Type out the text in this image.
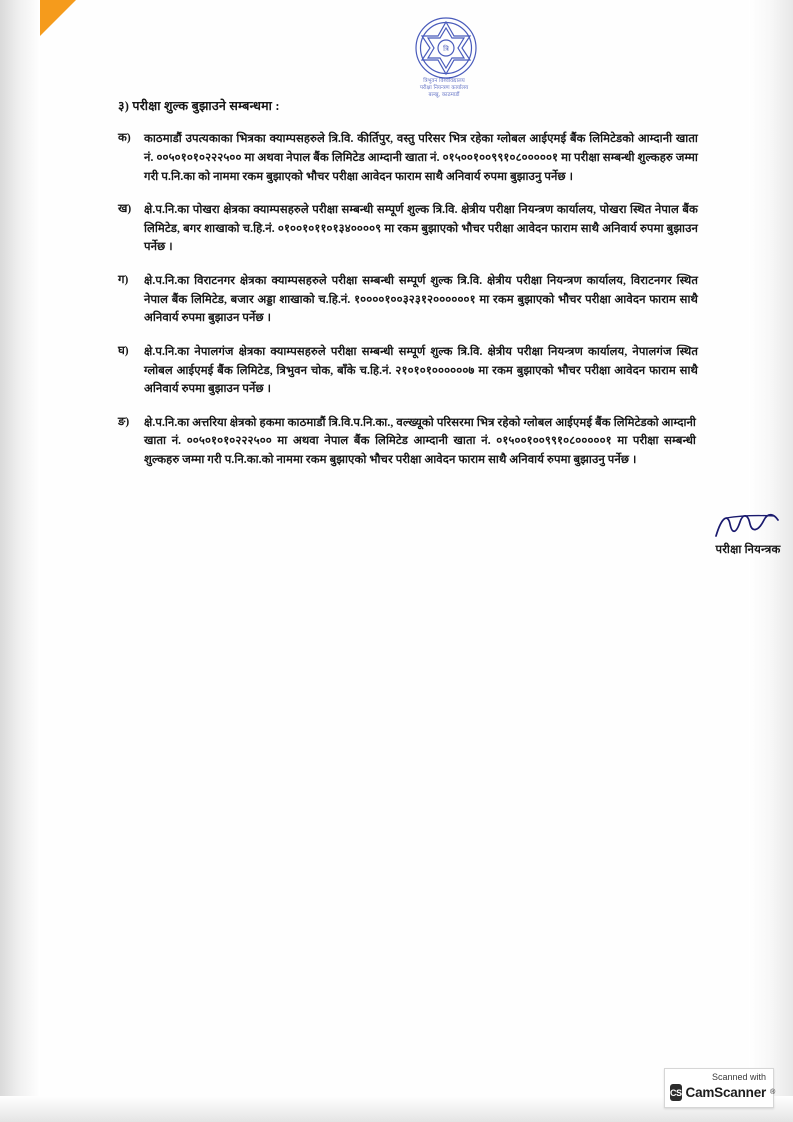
त्रि
त्रिभुवन विश्वविद्यालय
परीक्षा नियन्त्रण कार्यालय
बल्खु, काठमाडौं

३) परीक्षा शुल्क बुझाउने सम्बन्धमा :

क)	काठमाडौं उपत्यकाका भित्रका क्याम्पसहरुले त्रि.वि. कीर्तिपुर, वस्तु परिसर भित्र रहेका ग्लोबल आईएमई बैंक लिमिटेडको आम्दानी खाता नं. ००५०१०१०२२२५०० मा अथवा नेपाल बैंक लिमिटेड आम्दानी खाता नं. ०१५००१००९९१०८०००००१ मा परीक्षा सम्बन्धी शुल्कहरु जम्मा गरी प.नि.का को नाममा रकम बुझाएको भौचर परीक्षा आवेदन फाराम साथै अनिवार्य रुपमा बुझाउनु पर्नेछ ।
ख)	क्षे.प.नि.का पोखरा क्षेत्रका क्याम्पसहरुले परीक्षा सम्बन्धी सम्पूर्ण शुल्क त्रि.वि. क्षेत्रीय परीक्षा नियन्त्रण कार्यालय, पोखरा स्थित नेपाल बैंक लिमिटेड, बगर शाखाको च.हि.नं. ०१००१०११०१३४००००९ मा रकम बुझाएको भौचर परीक्षा आवेदन फाराम साथै अनिवार्य रुपमा बुझाउन पर्नेछ ।
ग)	क्षे.प.नि.का विराटनगर क्षेत्रका क्याम्पसहरुले परीक्षा सम्बन्धी सम्पूर्ण शुल्क त्रि.वि. क्षेत्रीय परीक्षा नियन्त्रण कार्यालय, विराटनगर स्थित नेपाल बैंक लिमिटेड, बजार अड्डा शाखाको च.हि.नं. १००००१००३२३१२००००००१ मा रकम बुझाएको भौचर परीक्षा आवेदन फाराम साथै अनिवार्य रुपमा बुझाउन पर्नेछ ।
घ)	क्षे.प.नि.का नेपालगंज क्षेत्रका क्याम्पसहरुले परीक्षा सम्बन्धी सम्पूर्ण शुल्क त्रि.वि. क्षेत्रीय परीक्षा नियन्त्रण कार्यालय, नेपालगंज स्थित ग्लोबल आईएमई बैंक लिमिटेड, त्रिभुवन चोक, बाँके च.हि.नं. २१०१०१००००००७ मा रकम बुझाएको भौचर परीक्षा आवेदन फाराम साथै अनिवार्य रुपमा बुझाउन पर्नेछ ।
ङ)	क्षे.प.नि.का अत्तरिया क्षेत्रको हकमा काठमाडौं त्रि.वि.प.नि.का., वल्ख्यूको परिसरमा भित्र रहेको ग्लोबल आईएमई बैंक लिमिटेडको आम्दानी खाता नं. ००५०१०१०२२२५०० मा अथवा नेपाल बैंक लिमिटेड आम्दानी खाता नं. ०१५००१००९९१०८०००००१ मा परीक्षा सम्बन्धी शुल्कहरु जम्मा गरी प.नि.का.को नाममा रकम बुझाएको भौचर परीक्षा आवेदन फाराम साथै अनिवार्य रुपमा बुझाउनु पर्नेछ ।
परीक्षा नियन्त्रक
Scanned with
CS CamScanner ®
